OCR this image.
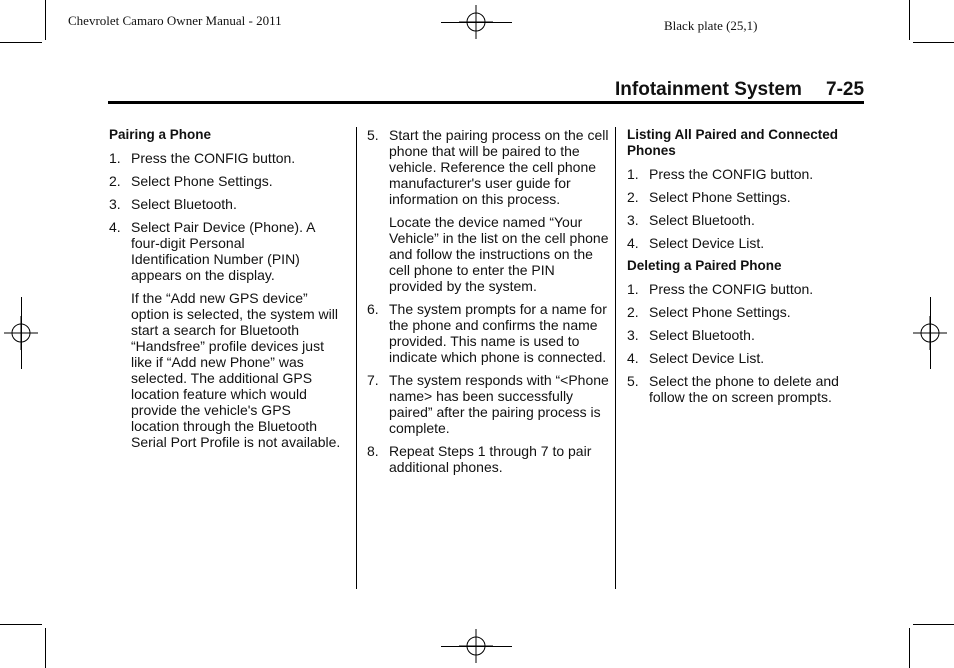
Chevrolet Camaro Owner Manual - 2011	Black plate (25,1)
Infotainment System 7-25
Pairing a Phone
1. Press the CONFIG button.
2. Select Phone Settings.
3. Select Bluetooth.
4. Select Pair Device (Phone). A four-digit Personal Identification Number (PIN) appears on the display.
If the “Add new GPS device” option is selected, the system will start a search for Bluetooth “Handsfree” profile devices just like if “Add new Phone” was selected. The additional GPS location feature which would provide the vehicle's GPS location through the Bluetooth Serial Port Profile is not available.
5. Start the pairing process on the cell phone that will be paired to the vehicle. Reference the cell phone manufacturer's user guide for information on this process.
Locate the device named “Your Vehicle” in the list on the cell phone and follow the instructions on the cell phone to enter the PIN provided by the system.
6. The system prompts for a name for the phone and confirms the name provided. This name is used to indicate which phone is connected.
7. The system responds with “<Phone name> has been successfully paired” after the pairing process is complete.
8. Repeat Steps 1 through 7 to pair additional phones.
Listing All Paired and Connected Phones
1. Press the CONFIG button.
2. Select Phone Settings.
3. Select Bluetooth.
4. Select Device List.
Deleting a Paired Phone
1. Press the CONFIG button.
2. Select Phone Settings.
3. Select Bluetooth.
4. Select Device List.
5. Select the phone to delete and follow the on screen prompts.
